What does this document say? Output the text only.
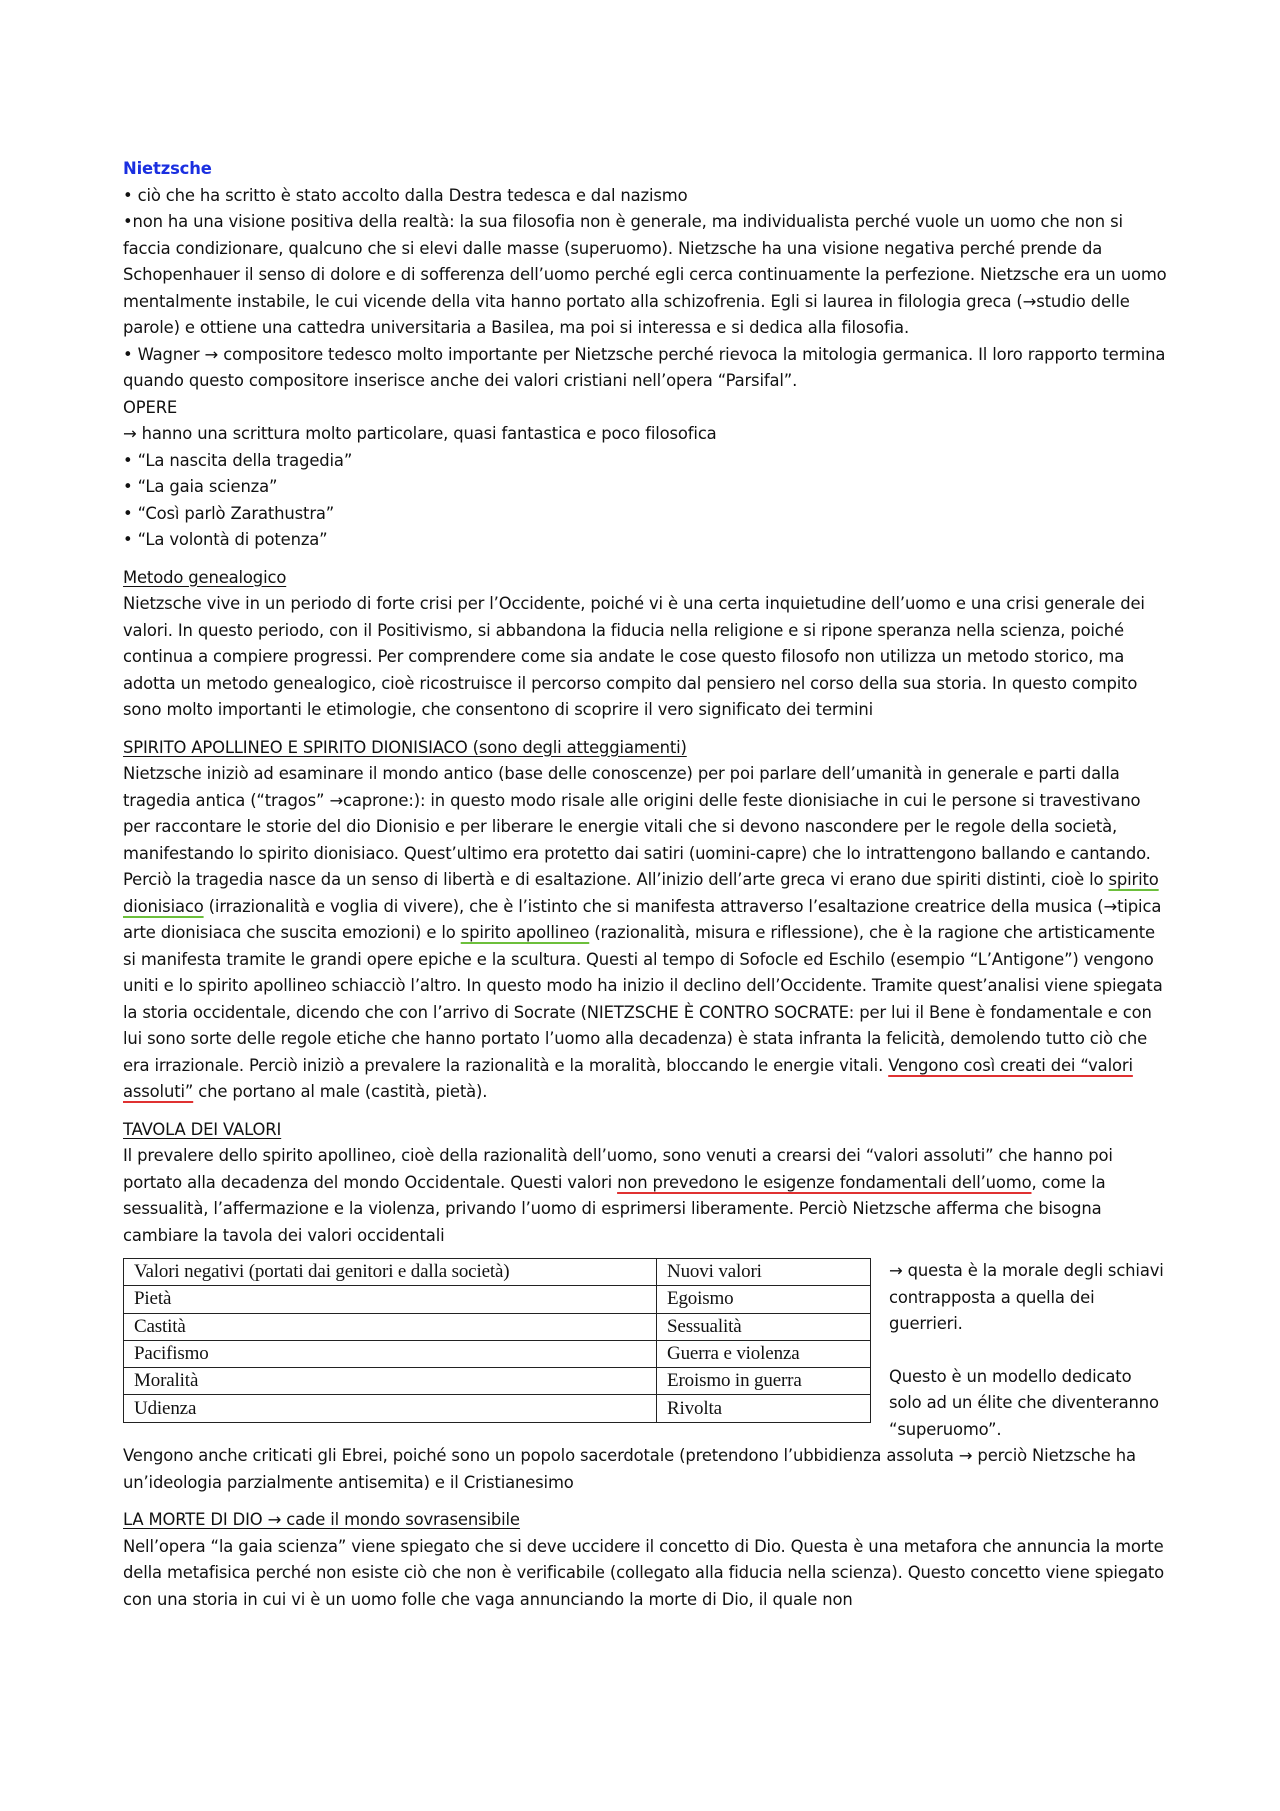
Nietzsche

• ciò che ha scritto è stato accolto dalla Destra tedesca e dal nazismo

•non ha una visione positiva della realtà: la sua filosofia non è generale, ma individualista perché vuole un uomo che non si faccia condizionare, qualcuno che si elevi dalle masse (superuomo). Nietzsche ha una visione negativa perché prende da Schopenhauer il senso di dolore e di sofferenza dell’uomo perché egli cerca continuamente la perfezione. Nietzsche era un uomo mentalmente instabile, le cui vicende della vita hanno portato alla schizofrenia. Egli si laurea in filologia greca (→studio delle parole) e ottiene una cattedra universitaria a Basilea, ma poi si interessa e si dedica alla filosofia.

• Wagner → compositore tedesco molto importante per Nietzsche perché rievoca la mitologia germanica. Il loro rapporto termina quando questo compositore inserisce anche dei valori cristiani nell’opera “Parsifal”.

OPERE

→ hanno una scrittura molto particolare, quasi fantastica e poco filosofica

• “La nascita della tragedia”

• “La gaia scienza”

• “Così parlò Zarathustra”

• “La volontà di potenza”

Metodo genealogico

Nietzsche vive in un periodo di forte crisi per l’Occidente, poiché vi è una certa inquietudine dell’uomo e una crisi generale dei valori. In questo periodo, con il Positivismo, si abbandona la fiducia nella religione e si ripone speranza nella scienza, poiché continua a compiere progressi. Per comprendere come sia andate le cose questo filosofo non utilizza un metodo storico, ma adotta un metodo genealogico, cioè ricostruisce il percorso compito dal pensiero nel corso della sua storia. In questo compito sono molto importanti le etimologie, che consentono di scoprire il vero significato dei termini

SPIRITO APOLLINEO E SPIRITO DIONISIACO (sono degli atteggiamenti)

Nietzsche iniziò ad esaminare il mondo antico (base delle conoscenze) per poi parlare dell’umanità in generale e parti dalla tragedia antica (“tragos” →caprone:): in questo modo risale alle origini delle feste dionisiache in cui le persone si travestivano per raccontare le storie del dio Dionisio e per liberare le energie vitali che si devono nascondere per le regole della società, manifestando lo spirito dionisiaco. Quest’ultimo era protetto dai satiri (uomini-capre) che lo intrattengono ballando e cantando. Perciò la tragedia nasce da un senso di libertà e di esaltazione. All’inizio dell’arte greca vi erano due spiriti distinti, cioè lo spirito dionisiaco (irrazionalità e voglia di vivere), che è l’istinto che si manifesta attraverso l’esaltazione creatrice della musica (→tipica arte dionisiaca che suscita emozioni) e lo spirito apollineo (razionalità, misura e riflessione), che è la ragione che artisticamente si manifesta tramite le grandi opere epiche e la scultura. Questi al tempo di Sofocle ed Eschilo (esempio “L’Antigone”) vengono uniti e lo spirito apollineo schiacciò l’altro. In questo modo ha inizio il declino dell’Occidente. Tramite quest’analisi viene spiegata la storia occidentale, dicendo che con l’arrivo di Socrate (NIETZSCHE È CONTRO SOCRATE: per lui il Bene è fondamentale e con lui sono sorte delle regole etiche che hanno portato l’uomo alla decadenza) è stata infranta la felicità, demolendo tutto ciò che era irrazionale. Perciò iniziò a prevalere la razionalità e la moralità, bloccando le energie vitali. Vengono così creati dei “valori assoluti” che portano al male (castità, pietà).

TAVOLA DEI VALORI

Il prevalere dello spirito apollineo, cioè della razionalità dell’uomo, sono venuti a crearsi dei “valori assoluti” che hanno poi portato alla decadenza del mondo Occidentale. Questi valori non prevedono le esigenze fondamentali dell’uomo, come la sessualità, l’affermazione e la violenza, privando l’uomo di esprimersi liberamente. Perciò Nietzsche afferma che bisogna cambiare la tavola dei valori occidentali

Valori negativi (portati dai genitori e dalla società)	Nuovi valori
Pietà	Egoismo
Castità	Sessualità
Pacifismo	Guerra e violenza
Moralità	Eroismo in guerra
Udienza	Rivolta

→ questa è la morale degli schiavi contrapposta a quella dei guerrieri.

Questo è un modello dedicato solo ad un élite che diventeranno “superuomo”.

Vengono anche criticati gli Ebrei, poiché sono un popolo sacerdotale (pretendono l’ubbidienza assoluta → perciò Nietzsche ha un’ideologia parzialmente antisemita) e il Cristianesimo

LA MORTE DI DIO → cade il mondo sovrasensibile

Nell’opera “la gaia scienza” viene spiegato che si deve uccidere il concetto di Dio. Questa è una metafora che annuncia la morte della metafisica perché non esiste ciò che non è verificabile (collegato alla fiducia nella scienza). Questo concetto viene spiegato con una storia in cui vi è un uomo folle che vaga annunciando la morte di Dio, il quale non
